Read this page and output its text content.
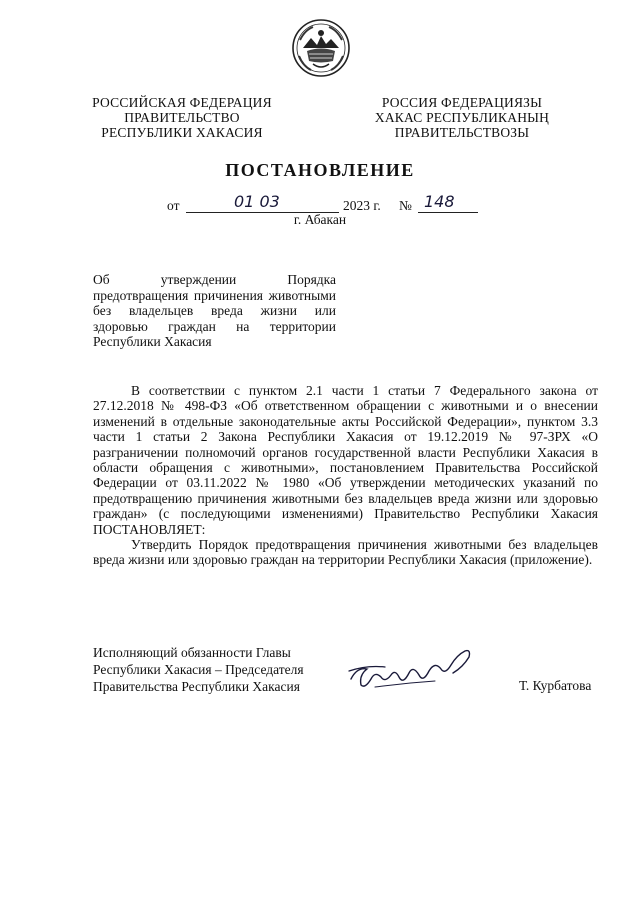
РОССИЙСКАЯ ФЕДЕРАЦИЯ
ПРАВИТЕЛЬСТВО
РЕСПУБЛИКИ ХАКАСИЯ
РОССИЯ ФЕДЕРАЦИЯЗЫ
ХАКАС РЕСПУБЛИКАНЫҢ
ПРАВИТЕЛЬСТВОЗЫ
ПОСТАНОВЛЕНИЕ
от	01 03	2023 г. № 148
г. Абакан
Об утверждении Порядка предотвращения причинения животными без владельцев вреда жизни или здоровью граждан на территории Республики Хакасия

В соответствии с пунктом 2.1 части 1 статьи 7 Федерального закона от 27.12.2018 № 498-ФЗ «Об ответственном обращении с животными и о внесении изменений в отдельные законодательные акты Российской Федерации», пунктом 3.3 части 1 статьи 2 Закона Республики Хакасия от 19.12.2019 № 97-ЗРХ «О разграничении полномочий органов государственной власти Республики Хакасия в области обращения с животными», постановлением Правительства Российской Федерации от 03.11.2022 № 1980 «Об утверждении методических указаний по предотвращению причинения животными без владельцев вреда жизни или здоровью граждан» (с последующими изменениями) Правительство Республики Хакасия ПОСТАНОВЛЯЕТ:

Утвердить Порядок предотвращения причинения животными без владельцев вреда жизни или здоровью граждан на территории Республики Хакасия (приложение).

Исполняющий обязанности Главы
Республики Хакасия – Председателя
Правительства Республики Хакасия	Т. Курбатова
